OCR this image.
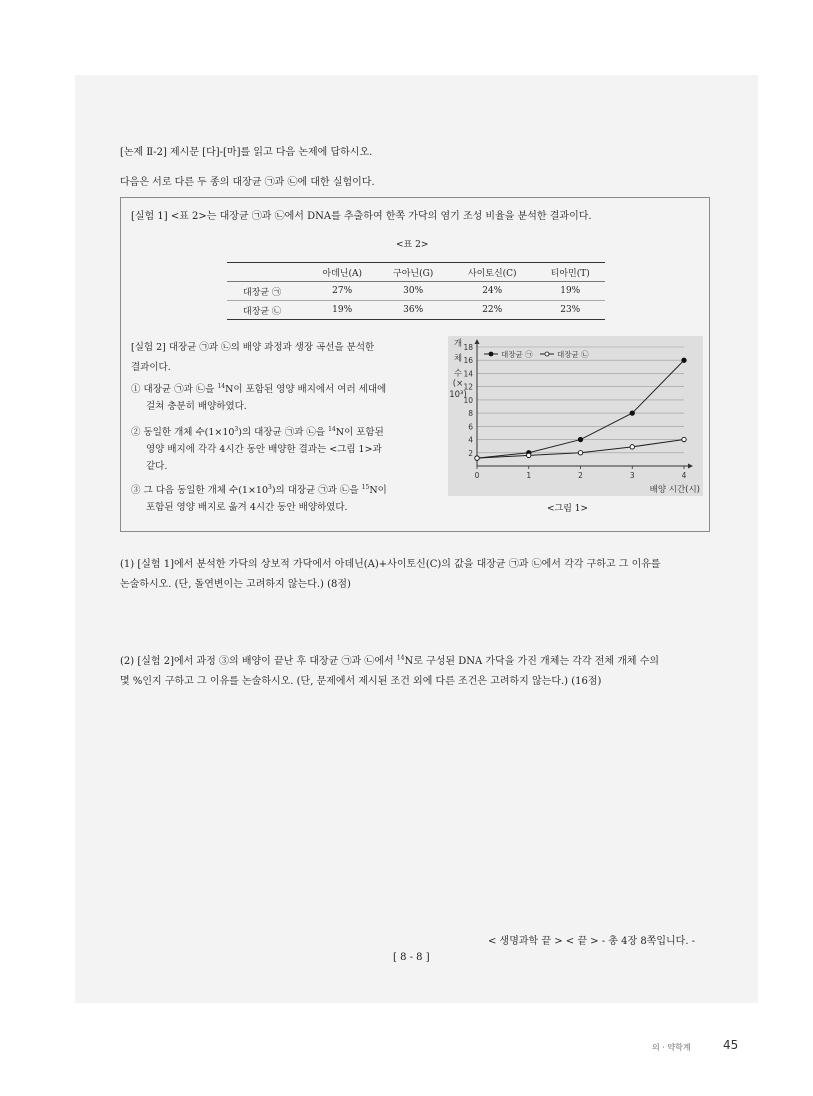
[논제 Ⅱ-2] 제시문 [다]-[마]를 읽고 다음 논제에 답하시오.
다음은 서로 다른 두 종의 대장균 ㉠과 ㉡에 대한 실험이다.
[실험 1] <표 2>는 대장균 ㉠과 ㉡에서 DNA를 추출하여 한쪽 가닥의 염기 조성 비율을 분석한 결과이다.
<표 2>
	아데닌(A)	구아닌(G)	사이토신(C)	티아민(T)
대장균 ㉠	27%	30%	24%	19%
대장균 ㉡	19%	36%	22%	23%
[실험 2] 대장균 ㉠과 ㉡의 배양 과정과 생장 곡선을 분석한
결과이다.
① 대장균 ㉠과 ㉡을 $^{14}$N이 포함된 영양 배지에서 여러 세대에
걸쳐 충분히 배양하였다.
② 동일한 개체 수$(1\times 10^3)$의 대장균 ㉠과 ㉡을 $^{14}$N이 포함된
영양 배지에 각각 4시간 동안 배양한 결과는 <그림 1>과
같다.
③ 그 다음 동일한 개체 수$(1\times 10^3)$의 대장균 ㉠과 ㉡을 $^{15}$N이
포함된 영양 배지로 옮겨 4시간 동안 배양하였다.
개
체
수
(×
10³)
2
4
6
8
10
12
14
16
18
0	1	2	3	4
대장균 ㉠	대장균 ㉡
배양 시간(시)
<그림 1>
(1) [실험 1]에서 분석한 가닥의 상보적 가닥에서 아데닌(A)+사이토신(C)의 값을 대장균 ㉠과 ㉡에서 각각 구하고 그 이유를
논술하시오. (단, 돌연변이는 고려하지 않는다.) (8점)
(2) [실험 2]에서 과정 ③의 배양이 끝난 후 대장균 ㉠과 ㉡에서 $^{14}$N로 구성된 DNA 가닥을 가진 개체는 각각 전체 개체 수의
몇 %인지 구하고 그 이유를 논술하시오. (단, 문제에서 제시된 조건 외에 다른 조건은 고려하지 않는다.) (16점)
< 생명과학 끝 > < 끝 > - 총 4장 8쪽입니다. -
[ 8 - 8 ]
의 · 약학계	45
